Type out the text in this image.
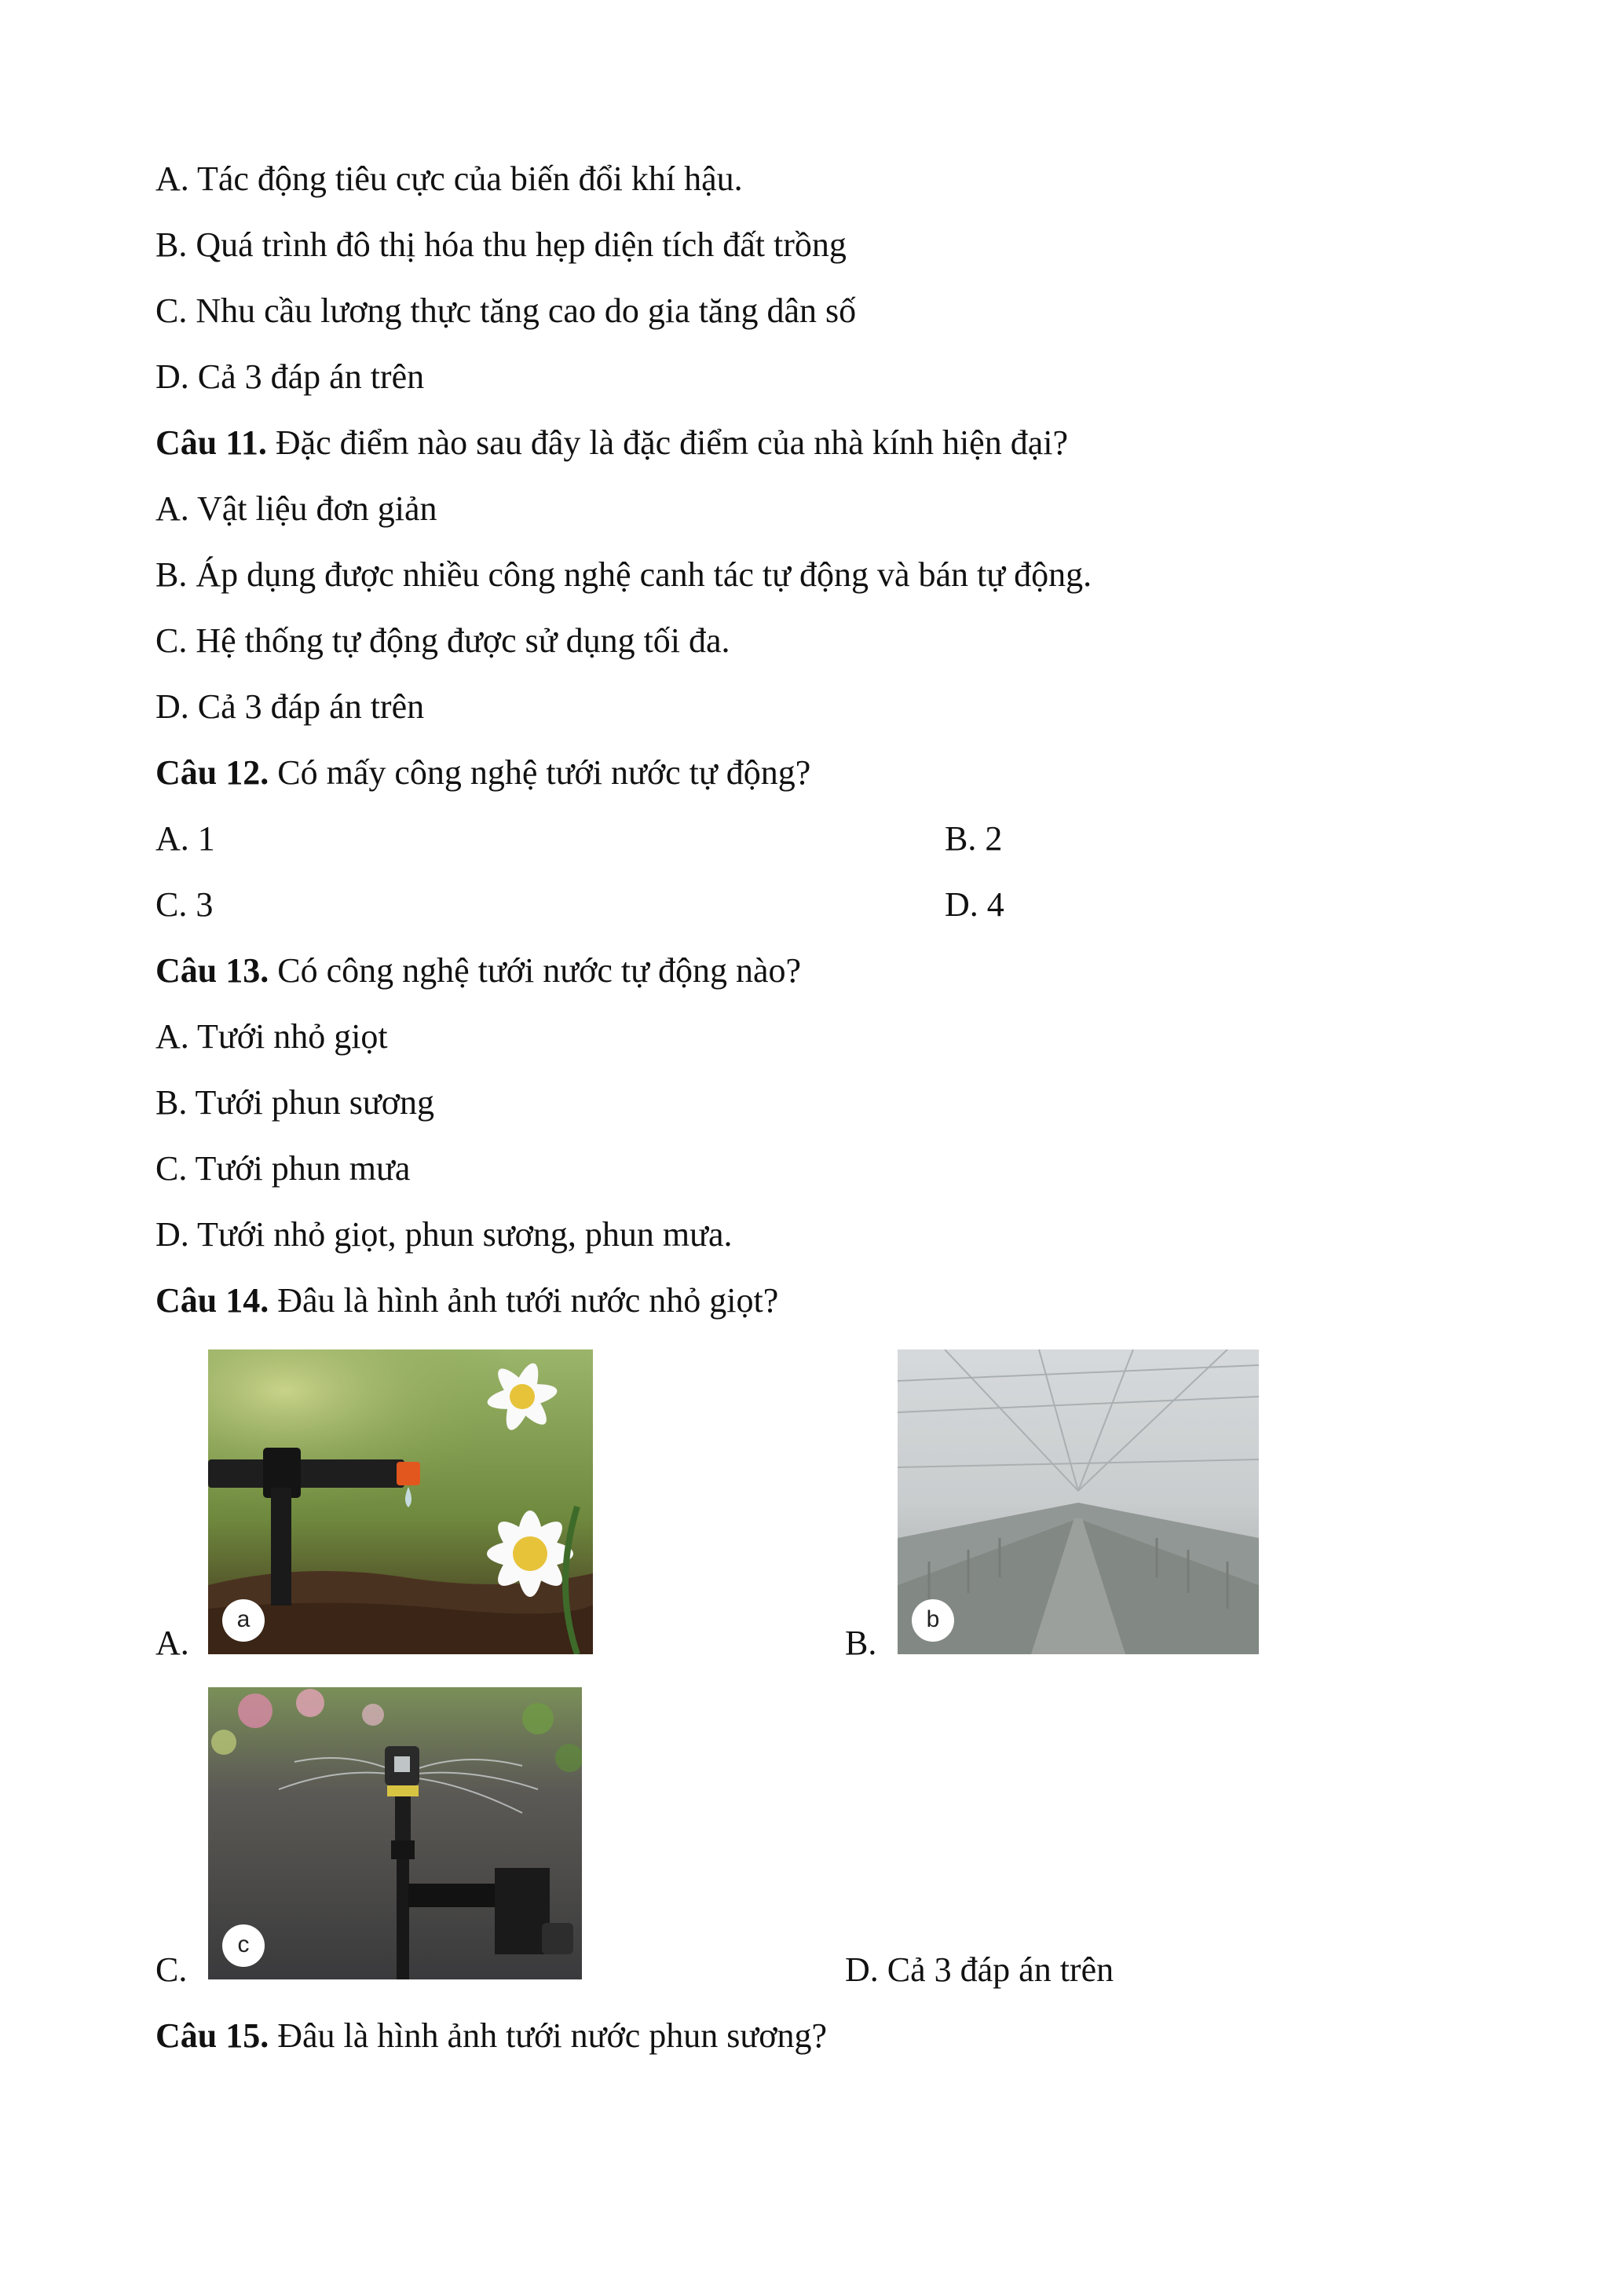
A. Tác động tiêu cực của biến đổi khí hậu.
B. Quá trình đô thị hóa thu hẹp diện tích đất trồng
C. Nhu cầu lương thực tăng cao do gia tăng dân số
D. Cả 3 đáp án trên
Câu 11. Đặc điểm nào sau đây là đặc điểm của nhà kính hiện đại?
A. Vật liệu đơn giản
B. Áp dụng được nhiều công nghệ canh tác tự động và bán tự động.
C. Hệ thống tự động được sử dụng tối đa.
D. Cả 3 đáp án trên
Câu 12. Có mấy công nghệ tưới nước tự động?
A. 1	B. 2
C. 3	D. 4
Câu 13. Có công nghệ tưới nước tự động nào?
A. Tưới nhỏ giọt
B. Tưới phun sương
C. Tưới phun mưa
D. Tưới nhỏ giọt, phun sương, phun mưa.
Câu 14. Đâu là hình ảnh tưới nước nhỏ giọt?
A.
a
B.
b
C.
c
D. Cả 3 đáp án trên
Câu 15. Đâu là hình ảnh tưới nước phun sương?
